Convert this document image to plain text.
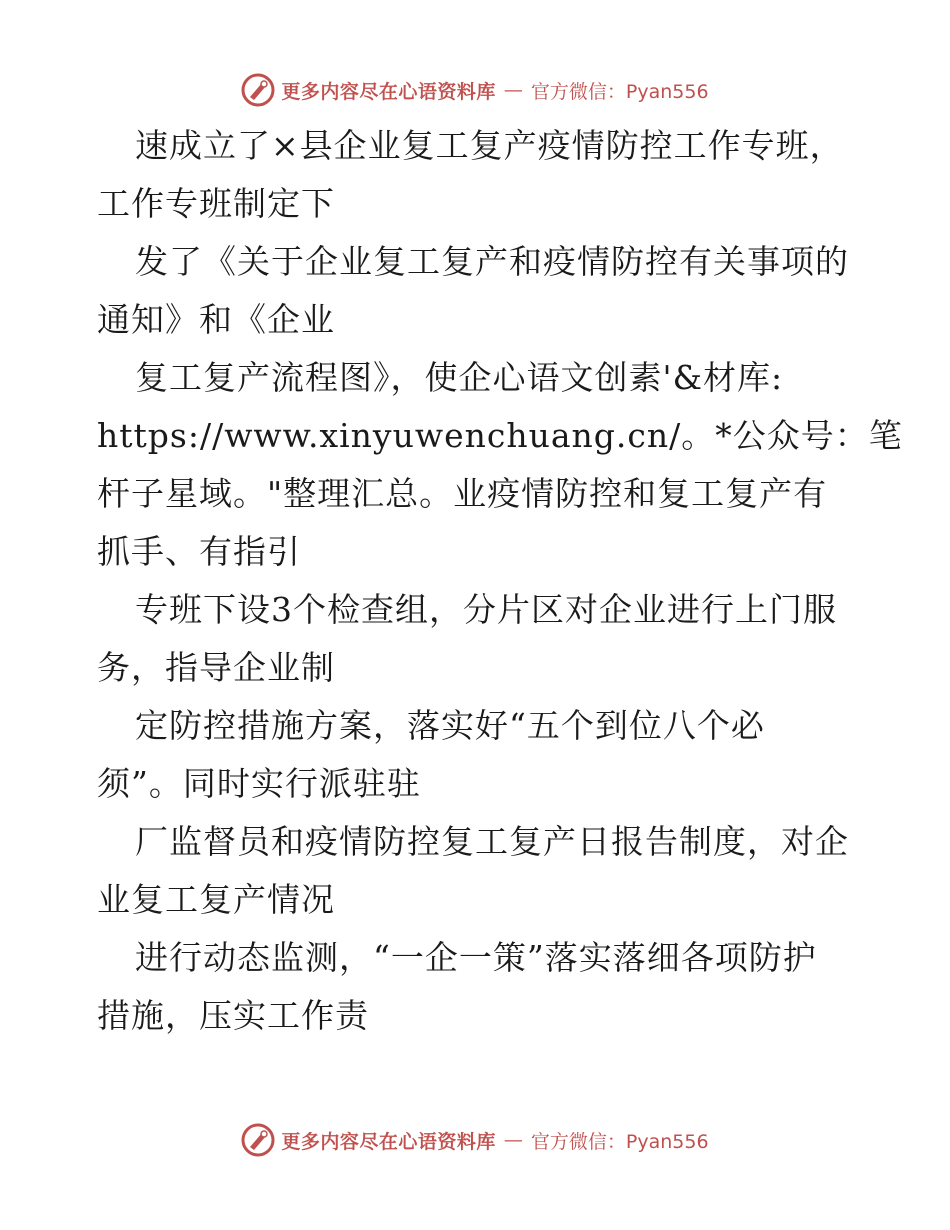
更多内容尽在心语资料库 — 官方微信：Pyan556
速成立了×县企业复工复产疫情防控工作专班，
工作专班制定下
发了《关于企业复工复产和疫情防控有关事项的
通知》和《企业
复工复产流程图》，使企心语文创素'&材库:
https://www.xinyuwenchuang.cn/。*公众号：笔
杆子星域。"整理汇总。业疫情防控和复工复产有
抓手、有指引
专班下设3个检查组，分片区对企业进行上门服
务，指导企业制
定防控措施方案，落实好“五个到位八个必
须”。同时实行派驻驻
厂监督员和疫情防控复工复产日报告制度，对企
业复工复产情况
进行动态监测，“一企一策”落实落细各项防护
措施，压实工作责
更多内容尽在心语资料库 — 官方微信：Pyan556
